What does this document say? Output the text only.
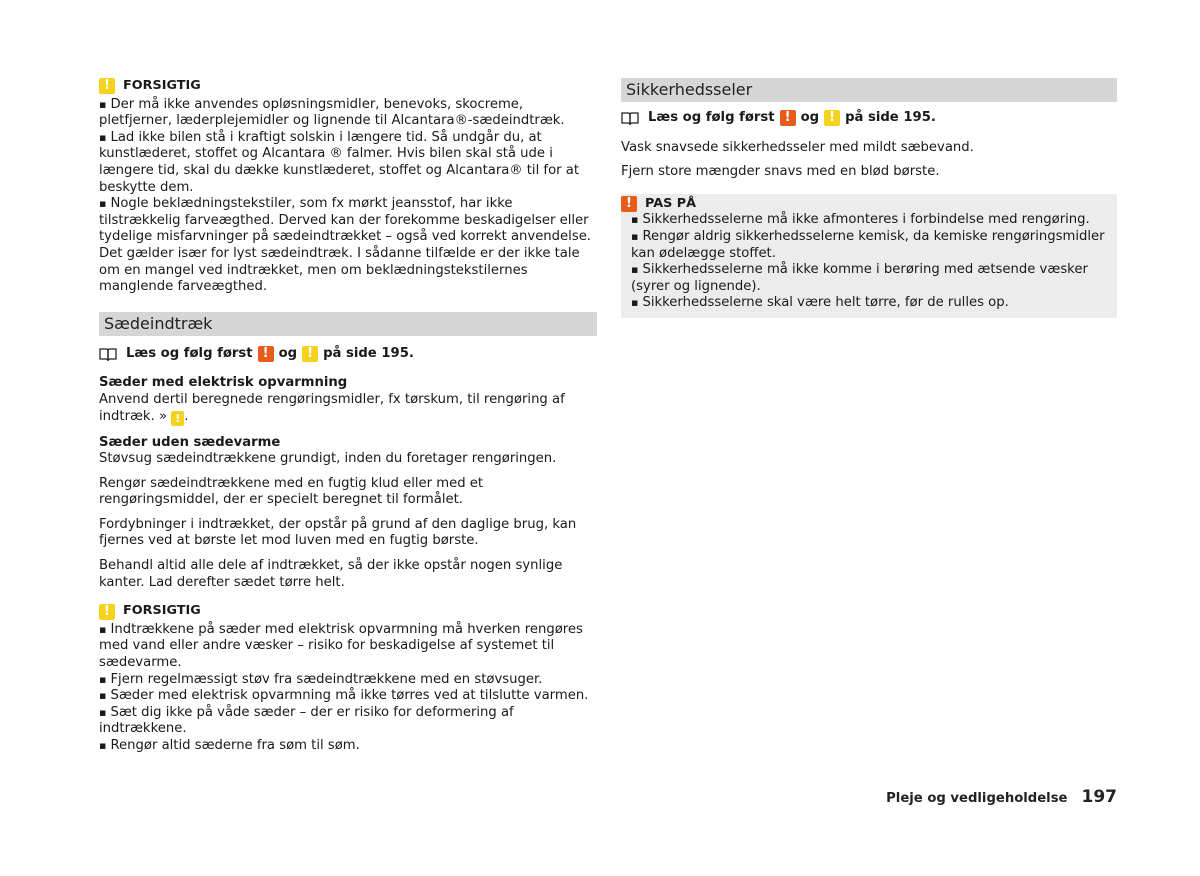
!	FORSIGTIG
▪ Der må ikke anvendes opløsningsmidler, benevoks, skocreme, pletfjerner, læderplejemidler og lignende til Alcantara®-sædeindtræk.
▪ Lad ikke bilen stå i kraftigt solskin i længere tid. Så undgår du, at kunstlæderet, stoffet og Alcantara ® falmer. Hvis bilen skal stå ude i længere tid, skal du dække kunstlæderet, stoffet og Alcantara® til for at beskytte dem.
▪ Nogle beklædningstekstiler, som fx mørkt jeansstof, har ikke tilstrækkelig farveægthed. Derved kan der forekomme beskadigelser eller tydelige misfarvninger på sædeindtrækket – også ved korrekt anvendelse. Det gælder især for lyst sædeindtræk. I sådanne tilfælde er der ikke tale om en mangel ved indtrækket, men om beklædningstekstilernes manglende farveægthed.
Sædeindtræk
Læs og følg først ! og ! på side 195.
Sæder med elektrisk opvarmning
Anvend dertil beregnede rengøringsmidler, fx tørskum, til rengøring af indtræk. » ! .
Sæder uden sædevarme
Støvsug sædeindtrækkene grundigt, inden du foretager rengøringen.

Rengør sædeindtrækkene med en fugtig klud eller med et rengøringsmiddel, der er specielt beregnet til formålet.

Fordybninger i indtrækket, der opstår på grund af den daglige brug, kan fjernes ved at børste let mod luven med en fugtig børste.

Behandl altid alle dele af indtrækket, så der ikke opstår nogen synlige kanter. Lad derefter sædet tørre helt.

!	FORSIGTIG
▪ Indtrækkene på sæder med elektrisk opvarmning må hverken rengøres med vand eller andre væsker – risiko for beskadigelse af systemet til sædevarme.
▪ Fjern regelmæssigt støv fra sædeindtrækkene med en støvsuger.
▪ Sæder med elektrisk opvarmning må ikke tørres ved at tilslutte varmen.
▪ Sæt dig ikke på våde sæder – der er risiko for deformering af indtrækkene.
▪ Rengør altid sæderne fra søm til søm.
Sikkerhedsseler
Læs og følg først ! og ! på side 195.

Vask snavsede sikkerhedsseler med mildt sæbevand.

Fjern store mængder snavs med en blød børste.

!	PAS PÅ
▪ Sikkerhedsselerne må ikke afmonteres i forbindelse med rengøring.
▪ Rengør aldrig sikkerhedsselerne kemisk, da kemiske rengøringsmidler kan ødelægge stoffet.
▪ Sikkerhedsselerne må ikke komme i berøring med ætsende væsker (syrer og lignende).
▪ Sikkerhedsselerne skal være helt tørre, før de rulles op.
Pleje og vedligeholdelse 197
